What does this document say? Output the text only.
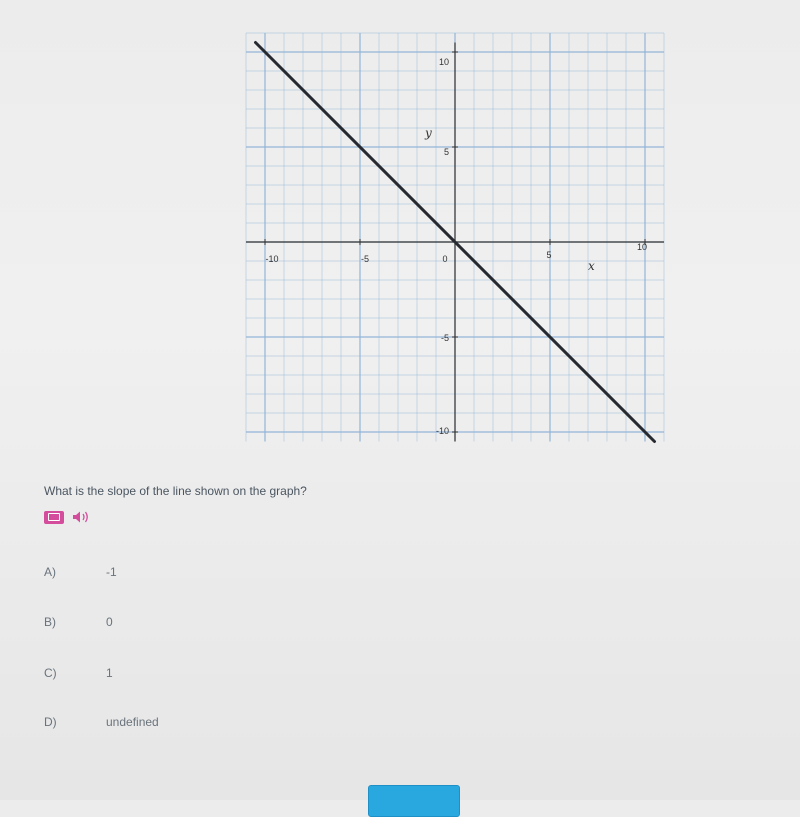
-10	-5	0	5
10
10
5
-5
-10
y
x
What is the slope of the line shown on the graph?
A)	-1
B)	0
C)	1
D)	undefined
